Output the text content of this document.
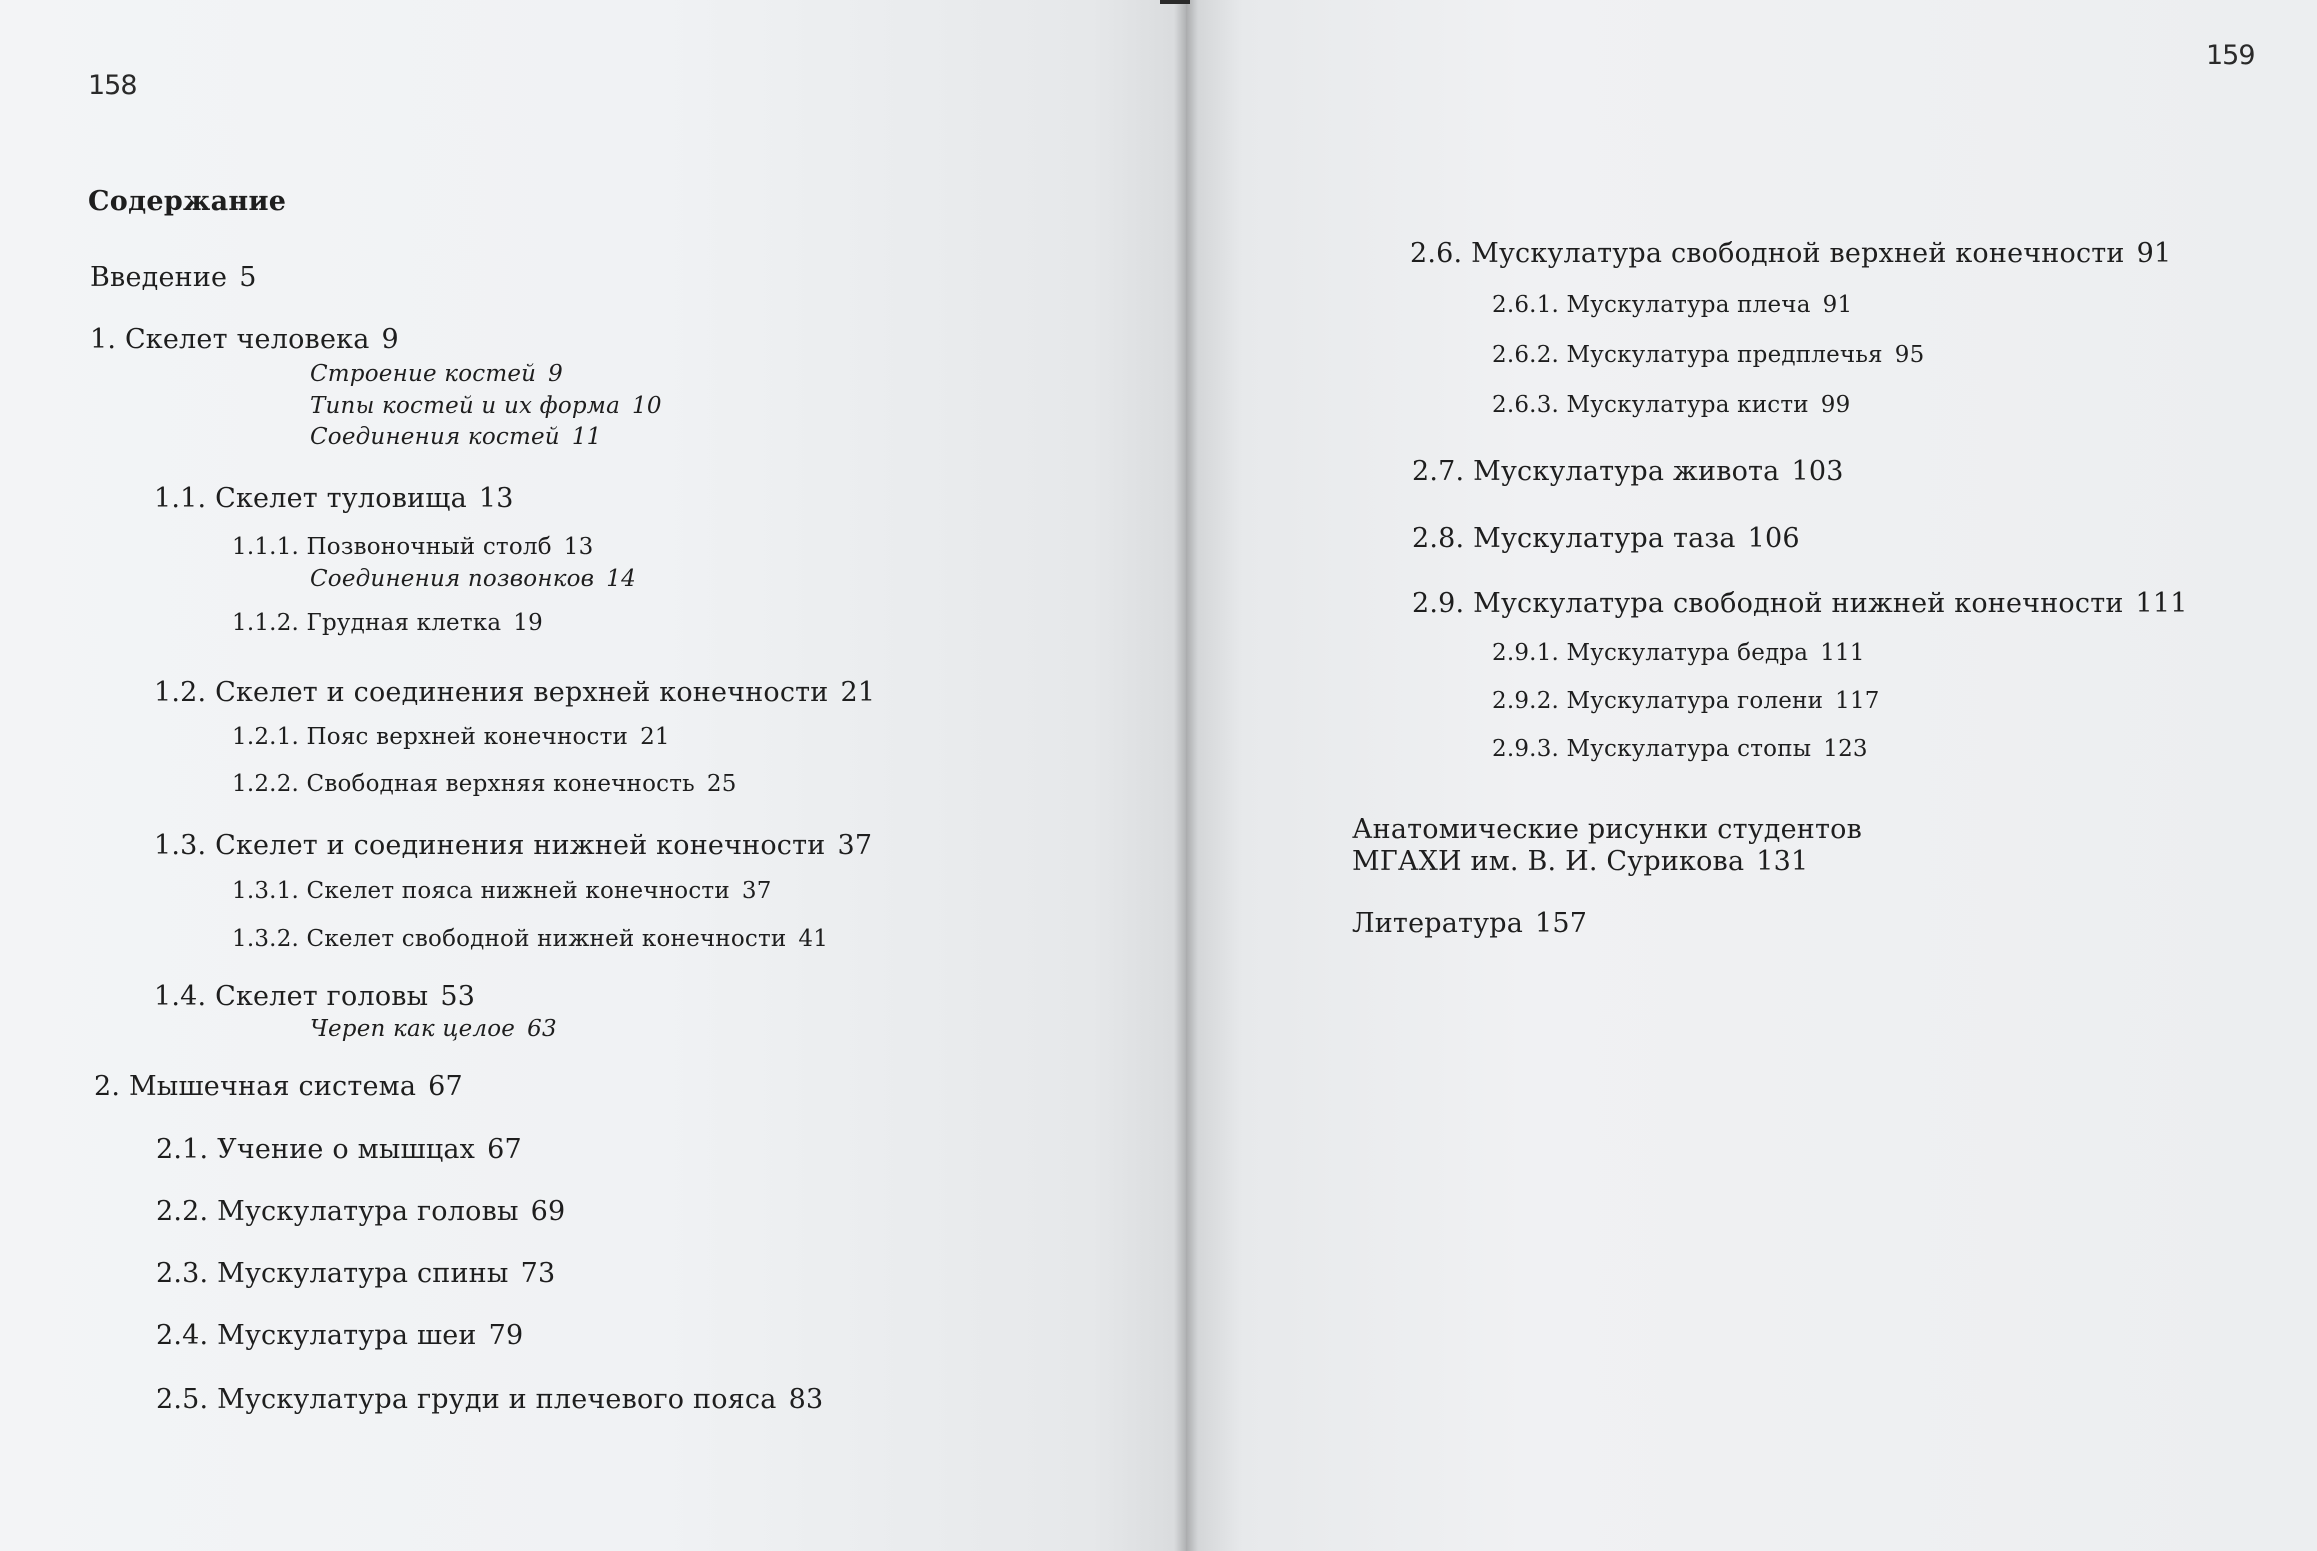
158
Содержание
Введение 5
1. Скелет человека 9
Строение костей 9
Типы костей и их форма 10
Соединения костей 11
1.1. Скелет туловища 13
1.1.1. Позвоночный столб 13
Соединения позвонков 14
1.1.2. Грудная клетка 19
1.2. Скелет и соединения верхней конечности 21
1.2.1. Пояс верхней конечности 21
1.2.2. Свободная верхняя конечность 25
1.3. Скелет и соединения нижней конечности 37
1.3.1. Скелет пояса нижней конечности 37
1.3.2. Скелет свободной нижней конечности 41
1.4. Скелет головы 53
Череп как целое 63
2. Мышечная система 67
2.1. Учение о мышцах 67
2.2. Мускулатура головы 69
2.3. Мускулатура спины 73
2.4. Мускулатура шеи 79
2.5. Мускулатура груди и плечевого пояса 83
159
2.6. Мускулатура свободной верхней конечности 91
2.6.1. Мускулатура плеча 91
2.6.2. Мускулатура предплечья 95
2.6.3. Мускулатура кисти 99
2.7. Мускулатура живота 103
2.8. Мускулатура таза 106
2.9. Мускулатура свободной нижней конечности 111
2.9.1. Мускулатура бедра 111
2.9.2. Мускулатура голени 117
2.9.3. Мускулатура стопы 123
Анатомические рисунки студентов
МГАХИ им. В. И. Сурикова 131
Литература 157
